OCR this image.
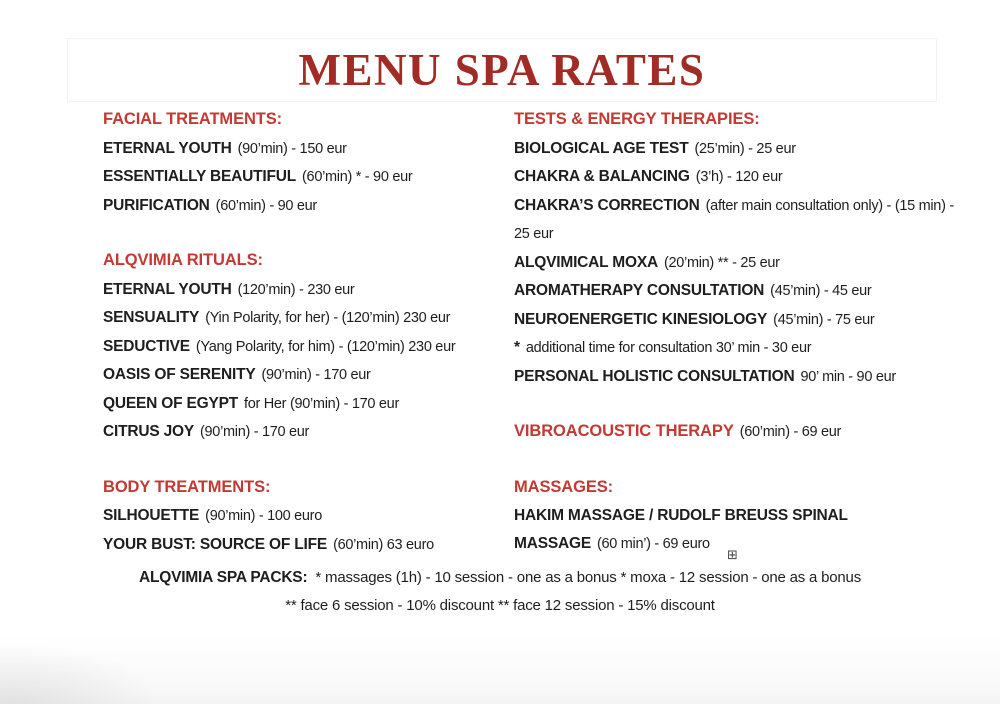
MENU SPA RATES
FACIAL TREATMENTS:
ETERNAL YOUTH (90’min) - 150 eur
ESSENTIALLY BEAUTIFUL (60’min) * - 90 eur
PURIFICATION (60’min) - 90 eur
ALQVIMIA RITUALS:
ETERNAL YOUTH (120’min) - 230 eur
SENSUALITY (Yin Polarity, for her) - (120’min) 230 eur
SEDUCTIVE (Yang Polarity, for him) - (120’min) 230 eur
OASIS OF SERENITY (90’min) - 170 eur
QUEEN OF EGYPT for Her (90’min) - 170 eur
CITRUS JOY (90’min) - 170 eur
BODY TREATMENTS:
SILHOUETTE (90’min) - 100 euro
YOUR BUST: SOURCE OF LIFE (60’min) 63 euro
TESTS & ENERGY THERAPIES:
BIOLOGICAL AGE TEST (25’min) - 25 eur
CHAKRA & BALANCING (3’h) - 120 eur
CHAKRA’S CORRECTION (after main consultation only) - (15 min) - 25 eur
ALQVIMICAL MOXA (20’min) ** - 25 eur
AROMATHERAPY CONSULTATION (45’min) - 45 eur
NEUROENERGETIC KINESIOLOGY (45’min) - 75 eur
* additional time for consultation 30’ min - 30 eur
PERSONAL HOLISTIC CONSULTATION 90’ min - 90 eur
VIBROACOUSTIC THERAPY (60’min) - 69 eur
MASSAGES:
HAKIM MASSAGE / RUDOLF BREUSS SPINAL MASSAGE (60 min’) - 69 euro
⊞
ALQVIMIA SPA PACKS: * massages (1h) - 10 session - one as a bonus * moxa - 12 session - one as a bonus
** face 6 session - 10% discount ** face 12 session - 15% discount
